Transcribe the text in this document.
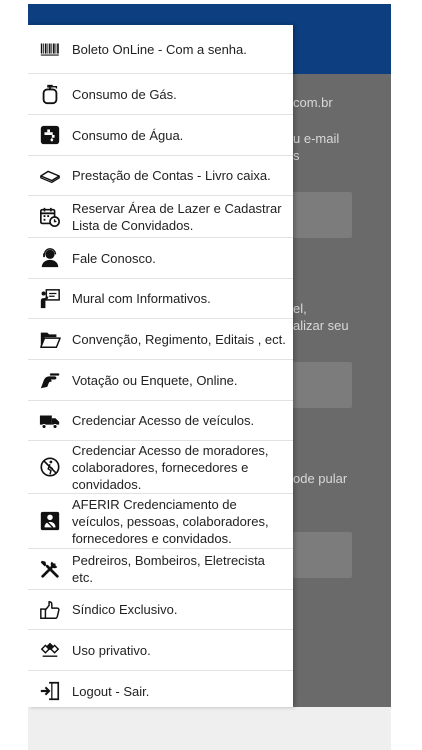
com.br
u e-mail
s
el,
alizar seu
ode pular
Boleto OnLine - Com a senha.
Consumo de Gás.
Consumo de Água.
Prestação de Contas - Livro caixa.
Reservar Área de Lazer e Cadastrar Lista de Convidados.
Fale Conosco.
Mural com Informativos.
Convenção, Regimento, Editais , ect.
Votação ou Enquete, Online.
Credenciar Acesso de veículos.
Credenciar Acesso de moradores, colaboradores, fornecedores e convidados.
AFERIR Credenciamento de veículos, pessoas, colaboradores, fornecedores e convidados.
Pedreiros, Bombeiros, Eletrecista etc.
Síndico Exclusivo.
Uso privativo.
Logout - Sair.
